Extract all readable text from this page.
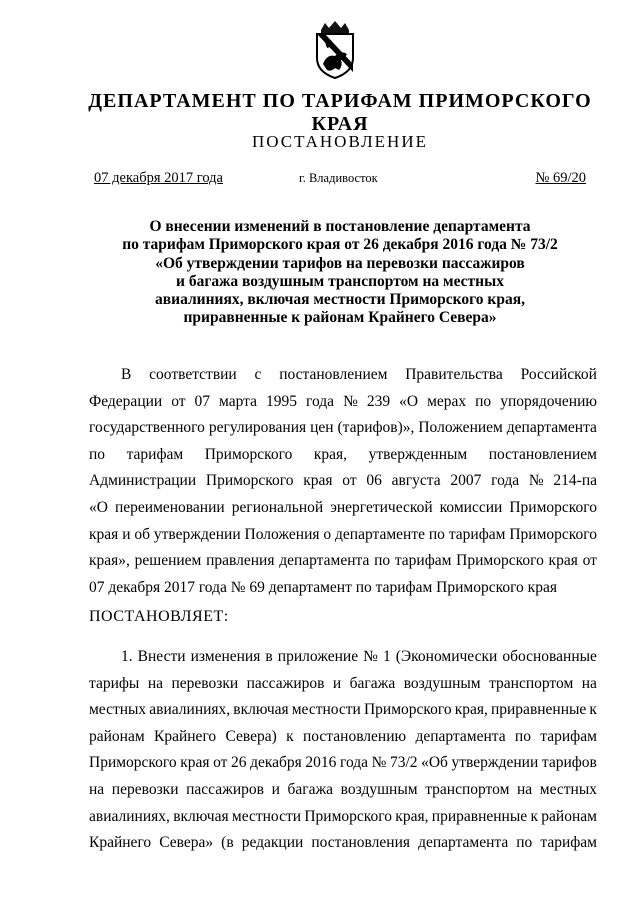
ДЕПАРТАМЕНТ ПО ТАРИФАМ ПРИМОРСКОГО КРАЯ
ПОСТАНОВЛЕНИЕ
07 декабря 2017 года	г. Владивосток	№ 69/20
О внесении изменений в постановление департамента
по тарифам Приморского края от 26 декабря 2016 года № 73/2
«Об утверждении тарифов на перевозки пассажиров
и багажа воздушным транспортом на местных
авиалиниях, включая местности Приморского края,
приравненные к районам Крайнего Севера»
В соответствии с постановлением Правительства Российской
Федерации от 07 марта 1995 года № 239 «О мерах по упорядочению
государственного регулирования цен (тарифов)», Положением департамента
по тарифам Приморского края, утвержденным постановлением
Администрации Приморского края от 06 августа 2007 года № 214-па
«О переименовании региональной энергетической комиссии Приморского
края и об утверждении Положения о департаменте по тарифам Приморского
края», решением правления департамента по тарифам Приморского края от
07 декабря 2017 года № 69 департамент по тарифам Приморского края
ПОСТАНОВЛЯЕТ:
1. Внести изменения в приложение № 1 (Экономически обоснованные
тарифы на перевозки пассажиров и багажа воздушным транспортом на
местных авиалиниях, включая местности Приморского края, приравненные к
районам Крайнего Севера) к постановлению департамента по тарифам
Приморского края от 26 декабря 2016 года № 73/2 «Об утверждении тарифов
на перевозки пассажиров и багажа воздушным транспортом на местных
авиалиниях, включая местности Приморского края, приравненные к районам
Крайнего Севера» (в редакции постановления департамента по тарифам
